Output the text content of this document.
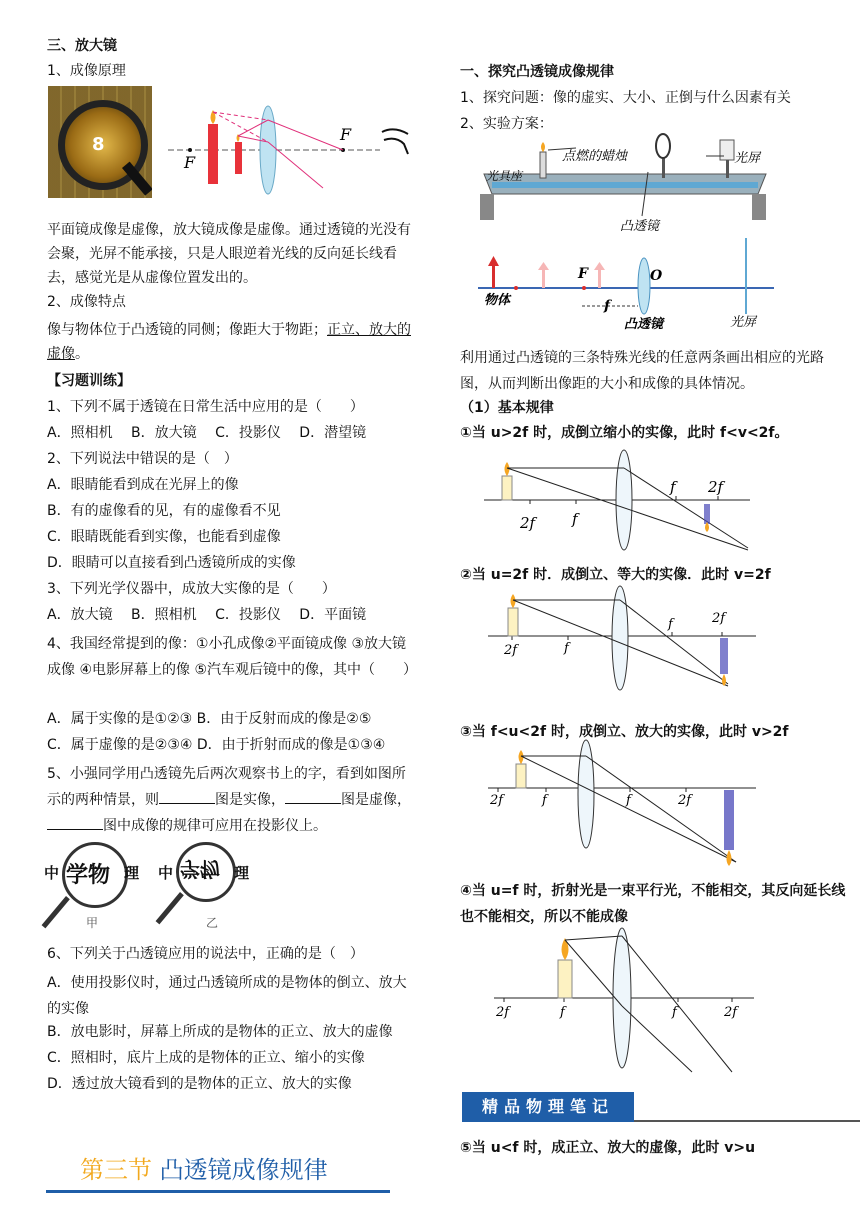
三、放大镜

1、成像原理

8
F
F

平面镜成像是虚像，放大镜成像是虚像。通过透镜的光没有会聚，光屏不能承接，只是人眼逆着光线的反向延长线看去，感觉光是从虚像位置发出的。

2、成像特点

像与物体位于凸透镜的同侧；像距大于物距；正立、放大的虚像。

【习题训练】

1、下列不属于透镜在日常生活中应用的是（　　）

A．照相机　 B．放大镜　 C．投影仪　 D．潜望镜

2、下列说法中错误的是（　）

A．眼睛能看到成在光屏上的像

B．有的虚像看的见，有的虚像看不见

C．眼睛既能看到实像，也能看到虚像

D．眼睛可以直接看到凸透镜所成的实像

3、下列光学仪器中，成放大实像的是（　　）

A．放大镜　 B．照相机　 C．投影仪　 D．平面镜

4、我国经常提到的像：①小孔成像②平面镜成像 ③放大镜成像 ④电影屏幕上的像 ⑤汽车观后镜中的像，其中（　　）

A．属于实像的是①②③ B．由于反射而成的像是②⑤

C．属于虚像的是②③④ D．由于折射而成的像是①③④

5、小强同学用凸透镜先后两次观察书上的字，看到如图所示的两种情景，则	图是实像，	图是虚像，图中成像的规律可应用在投影仪上。

中 学物 理
甲
中 学物 理
乙

6、下列关于凸透镜应用的说法中，正确的是（　）

A．使用投影仪时，通过凸透镜所成的是物体的倒立、放大的实像

B．放电影时，屏幕上所成的是物体的正立、放大的虚像

C．照相时，底片上成的是物体的正立、缩小的实像

D．透过放大镜看到的是物体的正立、放大的实像

第三节 凸透镜成像规律

一、探究凸透镜成像规律

1、探究问题：像的虚实、大小、正倒与什么因素有关

2、实验方案：

点燃的蜡烛	光屏
光具座
凸透镜
物体
F	O
f
凸透镜	光屏

利用通过凸透镜的三条特殊光线的任意两条画出相应的光路图，从而判断出像距的大小和成像的具体情况。

（1）基本规律

①当 u>2f 时，成倒立缩小的实像，此时 f<v<2f。

2f f
f 2f

②当 u=2f 时．成倒立、等大的实像．此时 v=2f

2f	f
f	2f

③当 f<u<2f 时，成倒立、放大的实像，此时 v>2f

2f	f	f	2f

④当 u=f 时，折射光是一束平行光，不能相交，其反向延长线也不能相交，所以不能成像

2f	f	f	2f
精品物理笔记

⑤当 u<f 时，成正立、放大的虚像，此时 v>u
